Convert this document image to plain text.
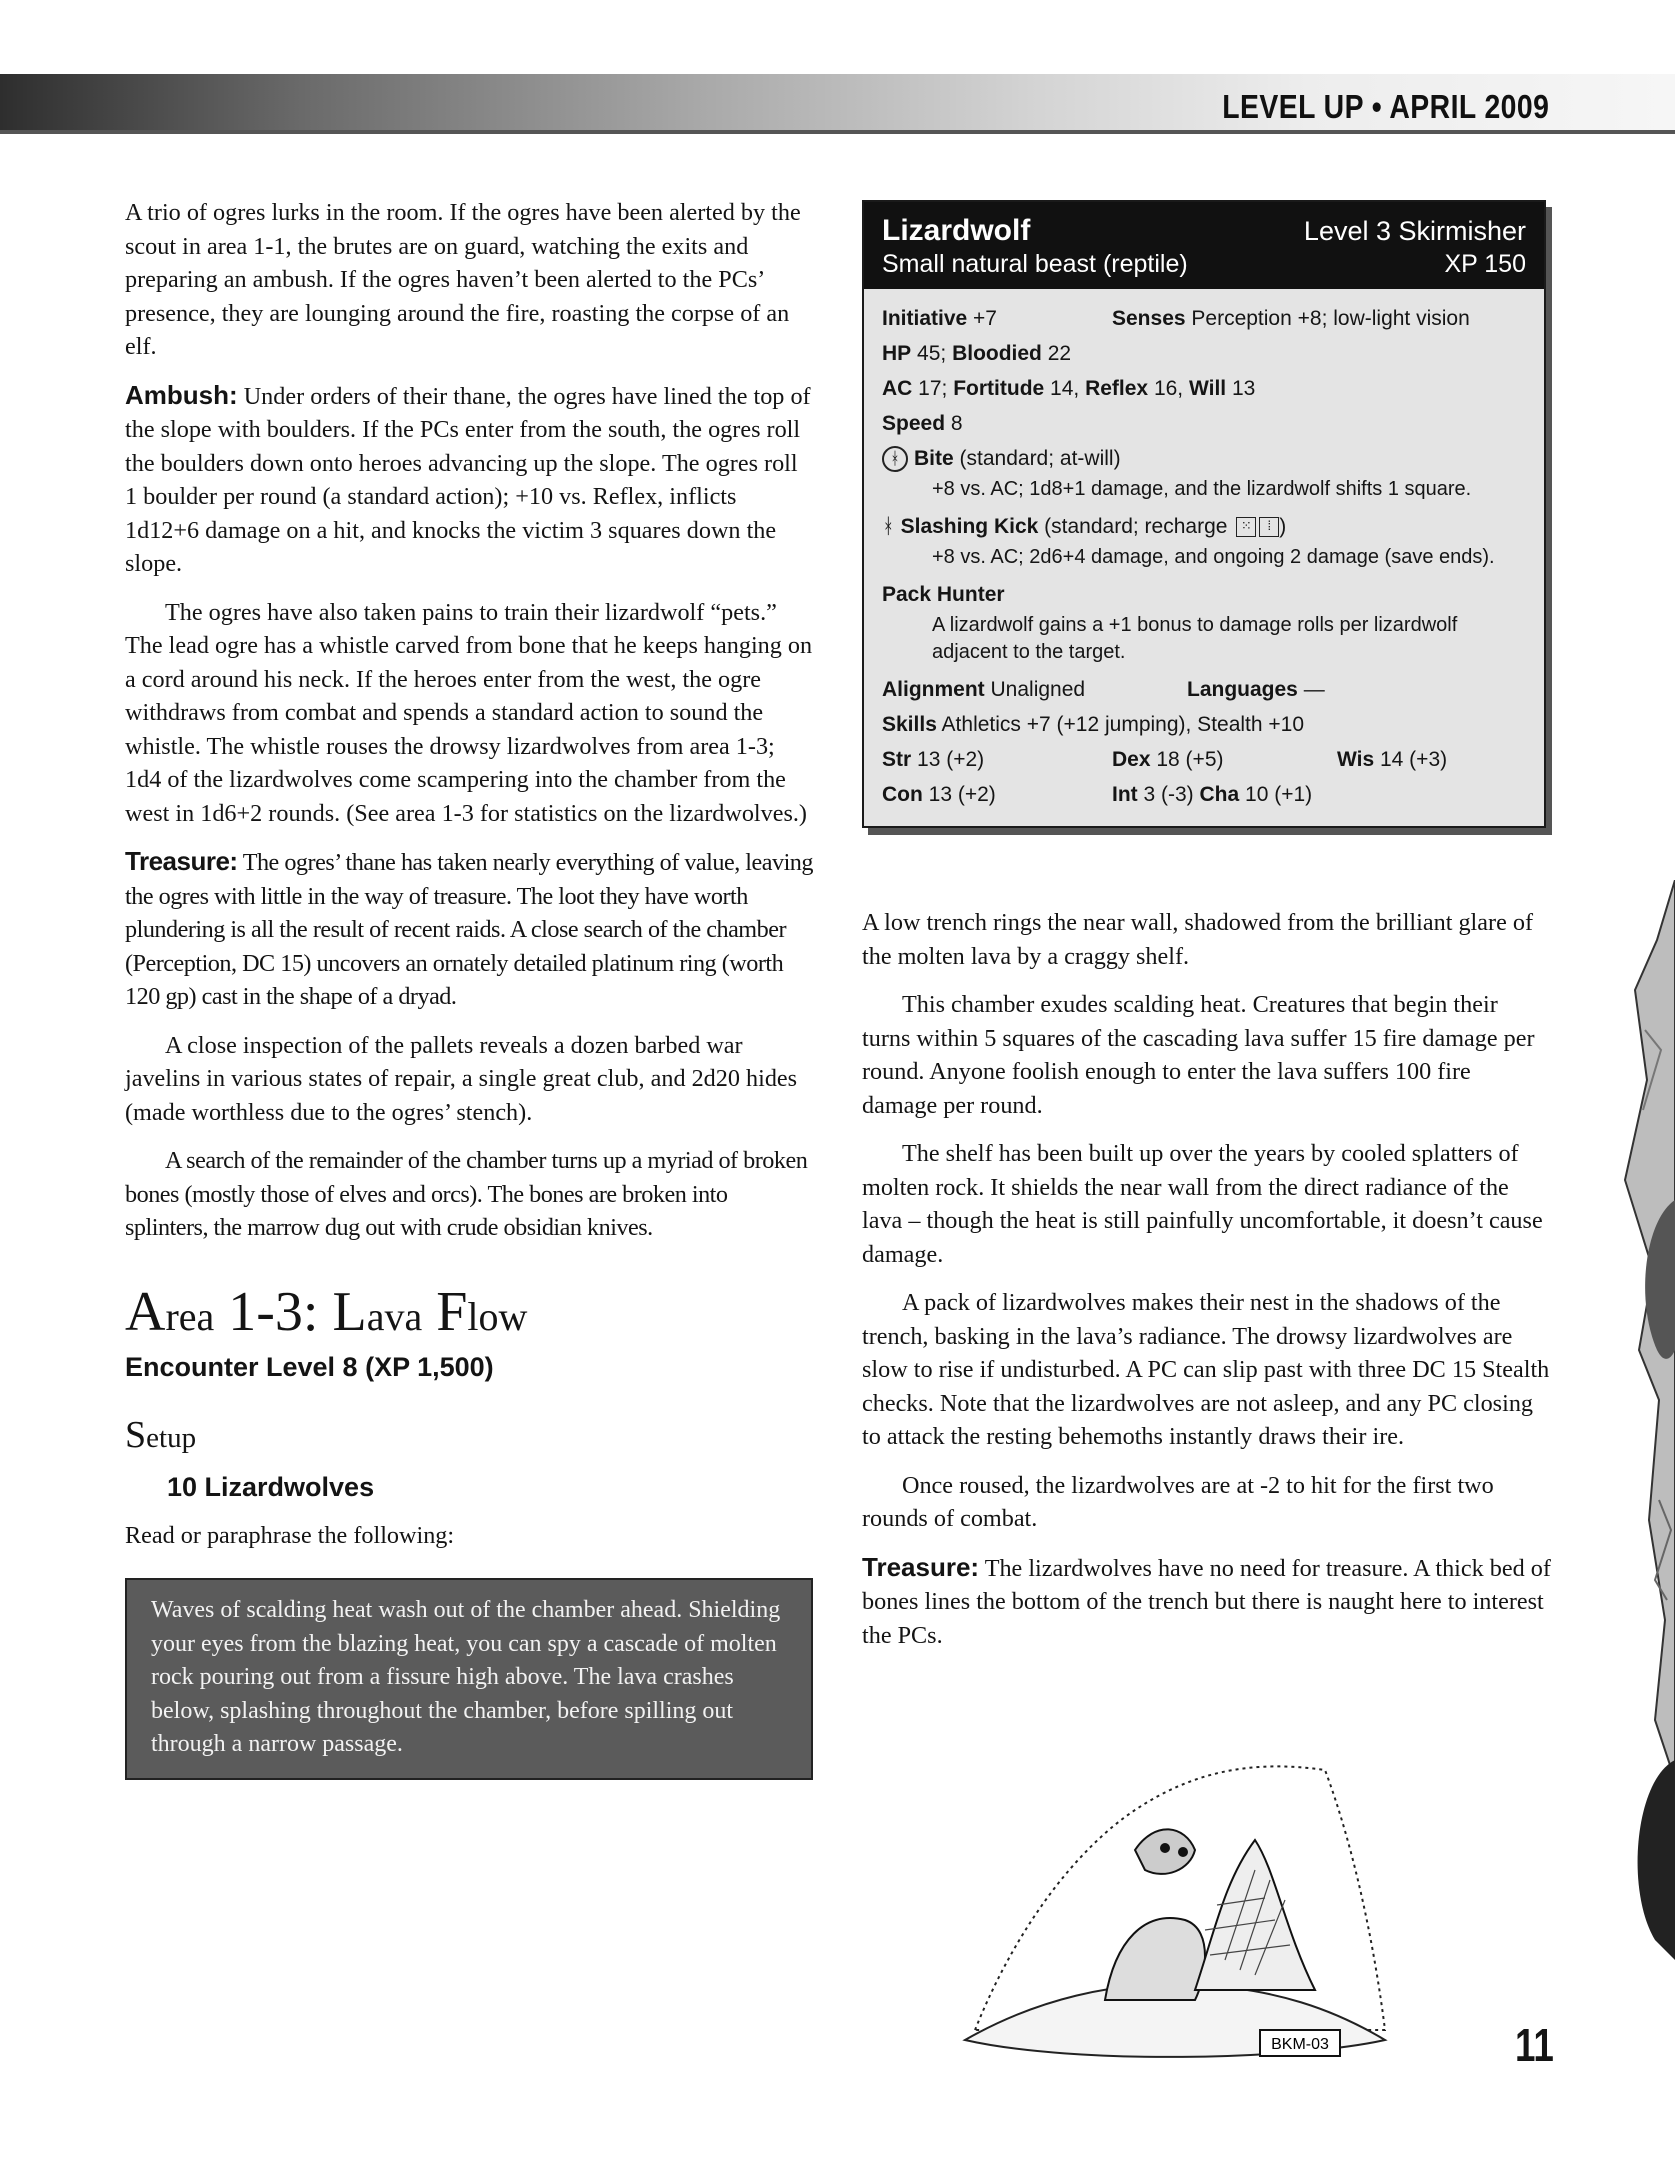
LEVEL UP • APRIL 2009

A trio of ogres lurks in the room. If the ogres have been alerted by the scout in area 1-1, the brutes are on guard, watching the exits and preparing an ambush. If the ogres haven’t been alerted to the PCs’ presence, they are lounging around the fire, roasting the corpse of an elf.

Ambush: Under orders of their thane, the ogres have lined the top of the slope with boulders. If the PCs enter from the south, the ogres roll the boulders down onto heroes advancing up the slope. The ogres roll 1 boulder per round (a standard action); +10 vs. Reflex, inflicts 1d12+6 damage on a hit, and knocks the victim 3 squares down the slope.

The ogres have also taken pains to train their lizardwolf “pets.” The lead ogre has a whistle carved from bone that he keeps hanging on a cord around his neck. If the heroes enter from the west, the ogre withdraws from combat and spends a standard action to sound the whistle. The whistle rouses the drowsy lizardwolves from area 1-3; 1d4 of the lizardwolves come scampering into the chamber from the west in 1d6+2 rounds. (See area 1-3 for statistics on the lizardwolves.)

Treasure: The ogres’ thane has taken nearly everything of value, leaving the ogres with little in the way of treasure. The loot they have worth plundering is all the result of recent raids. A close search of the chamber (Perception, DC 15) uncovers an ornately detailed platinum ring (worth 120 gp) cast in the shape of a dryad.

A close inspection of the pallets reveals a dozen barbed war javelins in various states of repair, a single great club, and 2d20 hides (made worthless due to the ogres’ stench).

A search of the remainder of the chamber turns up a myriad of broken bones (mostly those of elves and orcs). The bones are broken into splinters, the marrow dug out with crude obsidian knives.

Area 1-3: Lava Flow
Encounter Level 8 (XP 1,500)
Setup
10 Lizardwolves

Read or paraphrase the following:

Waves of scalding heat wash out of the chamber ahead. Shielding your eyes from the blazing heat, you can spy a cascade of molten rock pouring out from a fissure high above. The lava crashes below, splashing throughout the chamber, before spilling out through a narrow passage.
Lizardwolf	Level 3 Skirmisher
Small natural beast (reptile)	XP 150
Initiative +7	Senses Perception +8; low-light vision
HP 45; Bloodied 22
AC 17; Fortitude 14, Reflex 16, Will 13
Speed 8
ᚼ Bite (standard; at-will)
+8 vs. AC; 1d8+1 damage, and the lizardwolf shifts 1 square.
ᚼ Slashing Kick (standard; recharge ⁙ ⁞ )
+8 vs. AC; 2d6+4 damage, and ongoing 2 damage (save ends).
Pack Hunter
A lizardwolf gains a +1 bonus to damage rolls per lizardwolf adjacent to the target.
Alignment Unaligned	Languages —
Skills Athletics +7 (+12 jumping), Stealth +10
Str 13 (+2)	Dex 18 (+5)	Wis 14 (+3)
Con 13 (+2)	Int 3 (-3) Cha 10 (+1)

A low trench rings the near wall, shadowed from the brilliant glare of the molten lava by a craggy shelf.

This chamber exudes scalding heat. Creatures that begin their turns within 5 squares of the cascading lava suffer 15 fire damage per round. Anyone foolish enough to enter the lava suffers 100 fire damage per round.

The shelf has been built up over the years by cooled splatters of molten rock. It shields the near wall from the direct radiance of the lava – though the heat is still painfully uncomfortable, it doesn’t cause damage.

A pack of lizardwolves makes their nest in the shadows of the trench, basking in the lava’s radiance. The drowsy lizardwolves are slow to rise if undisturbed. A PC can slip past with three DC 15 Stealth checks. Note that the lizardwolves are not asleep, and any PC closing to attack the resting behemoths instantly draws their ire.

Once roused, the lizardwolves are at -2 to hit for the first two rounds of combat.

Treasure: The lizardwolves have no need for treasure. A thick bed of bones lines the bottom of the trench but there is naught here to interest the PCs.

BKM-03	11
